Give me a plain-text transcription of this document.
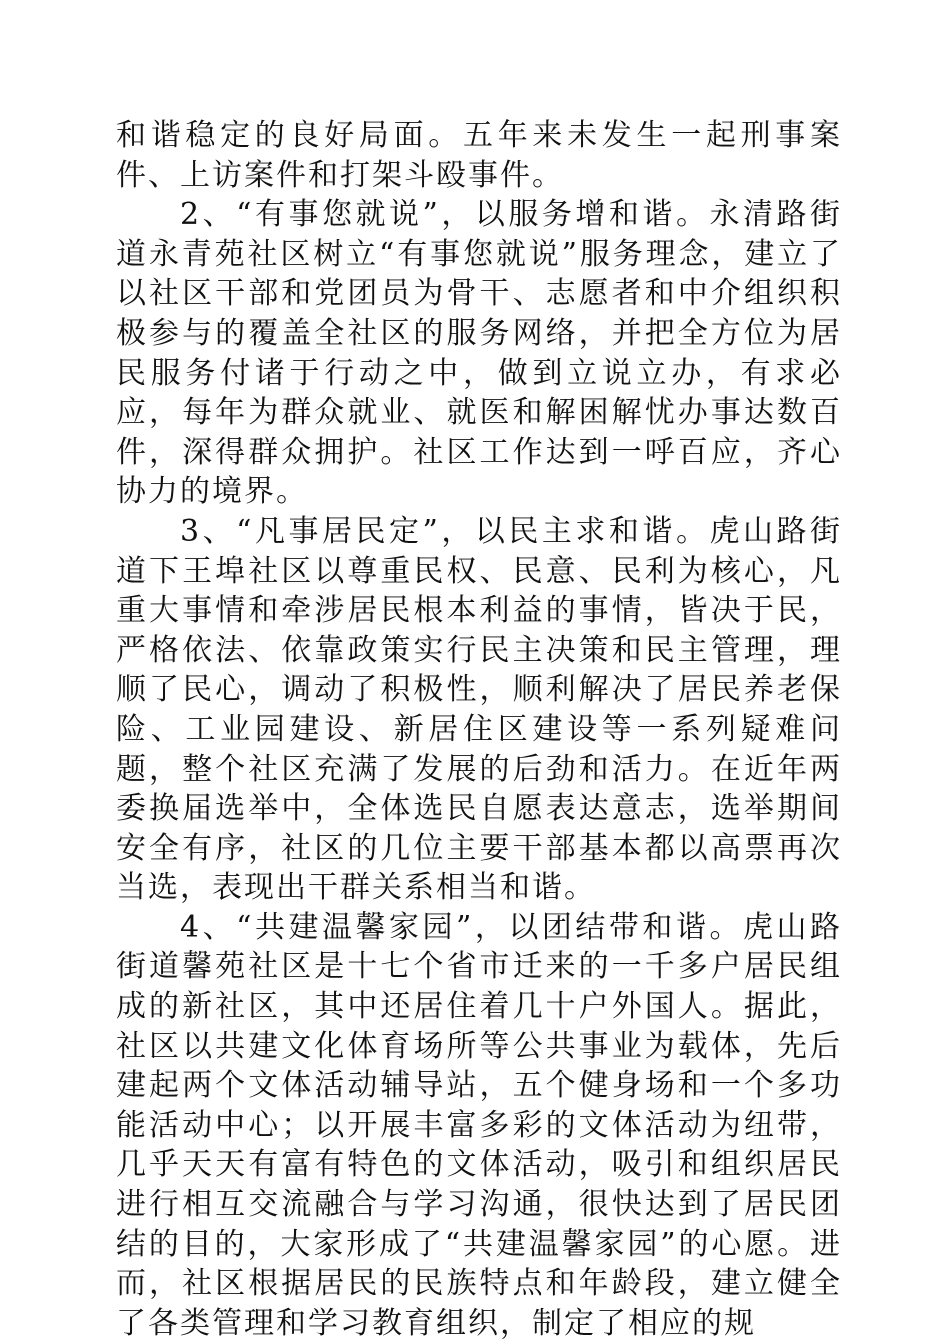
和谐稳定的良好局面。五年来未发生一起刑事案件、上访案件和打架斗殴事件。

2、“有事您就说”，以服务增和谐。永清路街道永青苑社区树立“有事您就说”服务理念，建立了以社区干部和党团员为骨干、志愿者和中介组织积极参与的覆盖全社区的服务网络，并把全方位为居民服务付诸于行动之中，做到立说立办，有求必应，每年为群众就业、就医和解困解忧办事达数百件，深得群众拥护。社区工作达到一呼百应，齐心协力的境界。

3、“凡事居民定”，以民主求和谐。虎山路街道下王埠社区以尊重民权、民意、民利为核心，凡重大事情和牵涉居民根本利益的事情，皆决于民，严格依法、依靠政策实行民主决策和民主管理，理顺了民心，调动了积极性，顺利解决了居民养老保险、工业园建设、新居住区建设等一系列疑难问题，整个社区充满了发展的后劲和活力。在近年两委换届选举中，全体选民自愿表达意志，选举期间安全有序，社区的几位主要干部基本都以高票再次当选，表现出干群关系相当和谐。

4、“共建温馨家园”，以团结带和谐。虎山路街道馨苑社区是十七个省市迁来的一千多户居民组成的新社区，其中还居住着几十户外国人。据此，社区以共建文化体育场所等公共事业为载体，先后建起两个文体活动辅导站，五个健身场和一个多功能活动中心；以开展丰富多彩的文体活动为纽带，几乎天天有富有特色的文体活动，吸引和组织居民进行相互交流融合与学习沟通，很快达到了居民团结的目的，大家形成了“共建温馨家园”的心愿。进而，社区根据居民的民族特点和年龄段，建立健全了各类管理和学习教育组织，制定了相应的规
